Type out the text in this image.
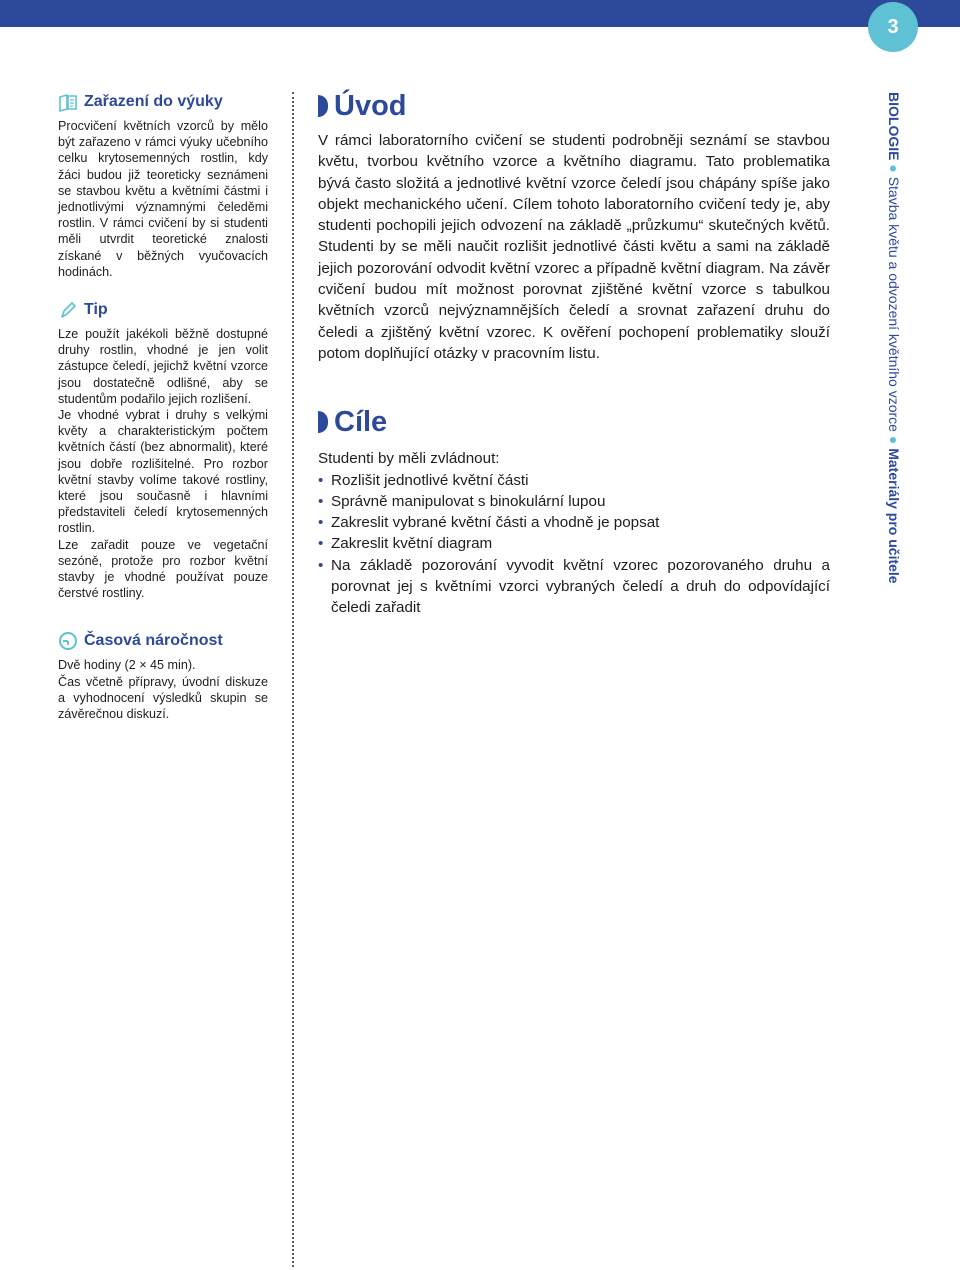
3
Zařazení do výuky

Procvičení květních vzorců by mělo být zařazeno v rámci výuky učebního celku krytosemenných rostlin, kdy žáci budou již teoreticky seznámeni se stavbou květu a květními částmi i jednotlivými významnými čeleděmi rostlin. V rámci cvičení by si studenti měli utvrdit teoretické znalosti získané v běžných vyučovacích hodinách.

Tip

Lze použít jakékoli běžně dostupné druhy rostlin, vhodné je jen volit zástupce čeledí, jejichž květní vzorce jsou dostatečně odlišné, aby se studentům podařilo jejich rozlišení.

Je vhodné vybrat i druhy s velkými květy a charakteristickým počtem květních částí (bez abnormalit), které jsou dobře rozlišitelné. Pro rozbor květní stavby volíme takové rostliny, které jsou současně i hlavními představiteli čeledí krytosemenných rostlin.

Lze zařadit pouze ve vegetační sezóně, protože pro rozbor květní stavby je vhodné používat pouze čerstvé rostliny.

Časová náročnost

Dvě hodiny (2 × 45 min).

Čas včetně přípravy, úvodní diskuze a vyhodnocení výsledků skupin se závěrečnou diskuzí.

Úvod

V rámci laboratorního cvičení se studenti podrobněji seznámí se stavbou květu, tvorbou květního vzorce a květního diagramu. Tato problematika bývá často složitá a jednotlivé květní vzorce čeledí jsou chápány spíše jako objekt mechanického učení. Cílem tohoto laboratorního cvičení tedy je, aby studenti pochopili jejich odvození na základě „průzkumu“ skutečných květů. Studenti by se měli naučit rozlišit jednotlivé části květu a sami na základě jejich pozorování odvodit květní vzorec a případně květní diagram. Na závěr cvičení budou mít možnost porovnat zjištěné květní vzorce s tabulkou květních vzorců nejvýznamnějších čeledí a srovnat zařazení druhu do čeledi a zjištěný květní vzorec. K ověření pochopení problematiky slouží potom doplňující otázky v pracovním listu.

Cíle

Studenti by měli zvládnout:

• Rozlišit jednotlivé květní části
• Správně manipulovat s binokulární lupou
• Zakreslit vybrané květní části a vhodně je popsat
• Zakreslit květní diagram
• Na základě pozorování vyvodit květní vzorec pozorovaného druhu a porovnat jej s květními vzorci vybraných čeledí a druh do odpovídající čeledi zařadit
BIOLOGIE ● Stavba květu a odvození květního vzorce ● Materiály pro učitele
